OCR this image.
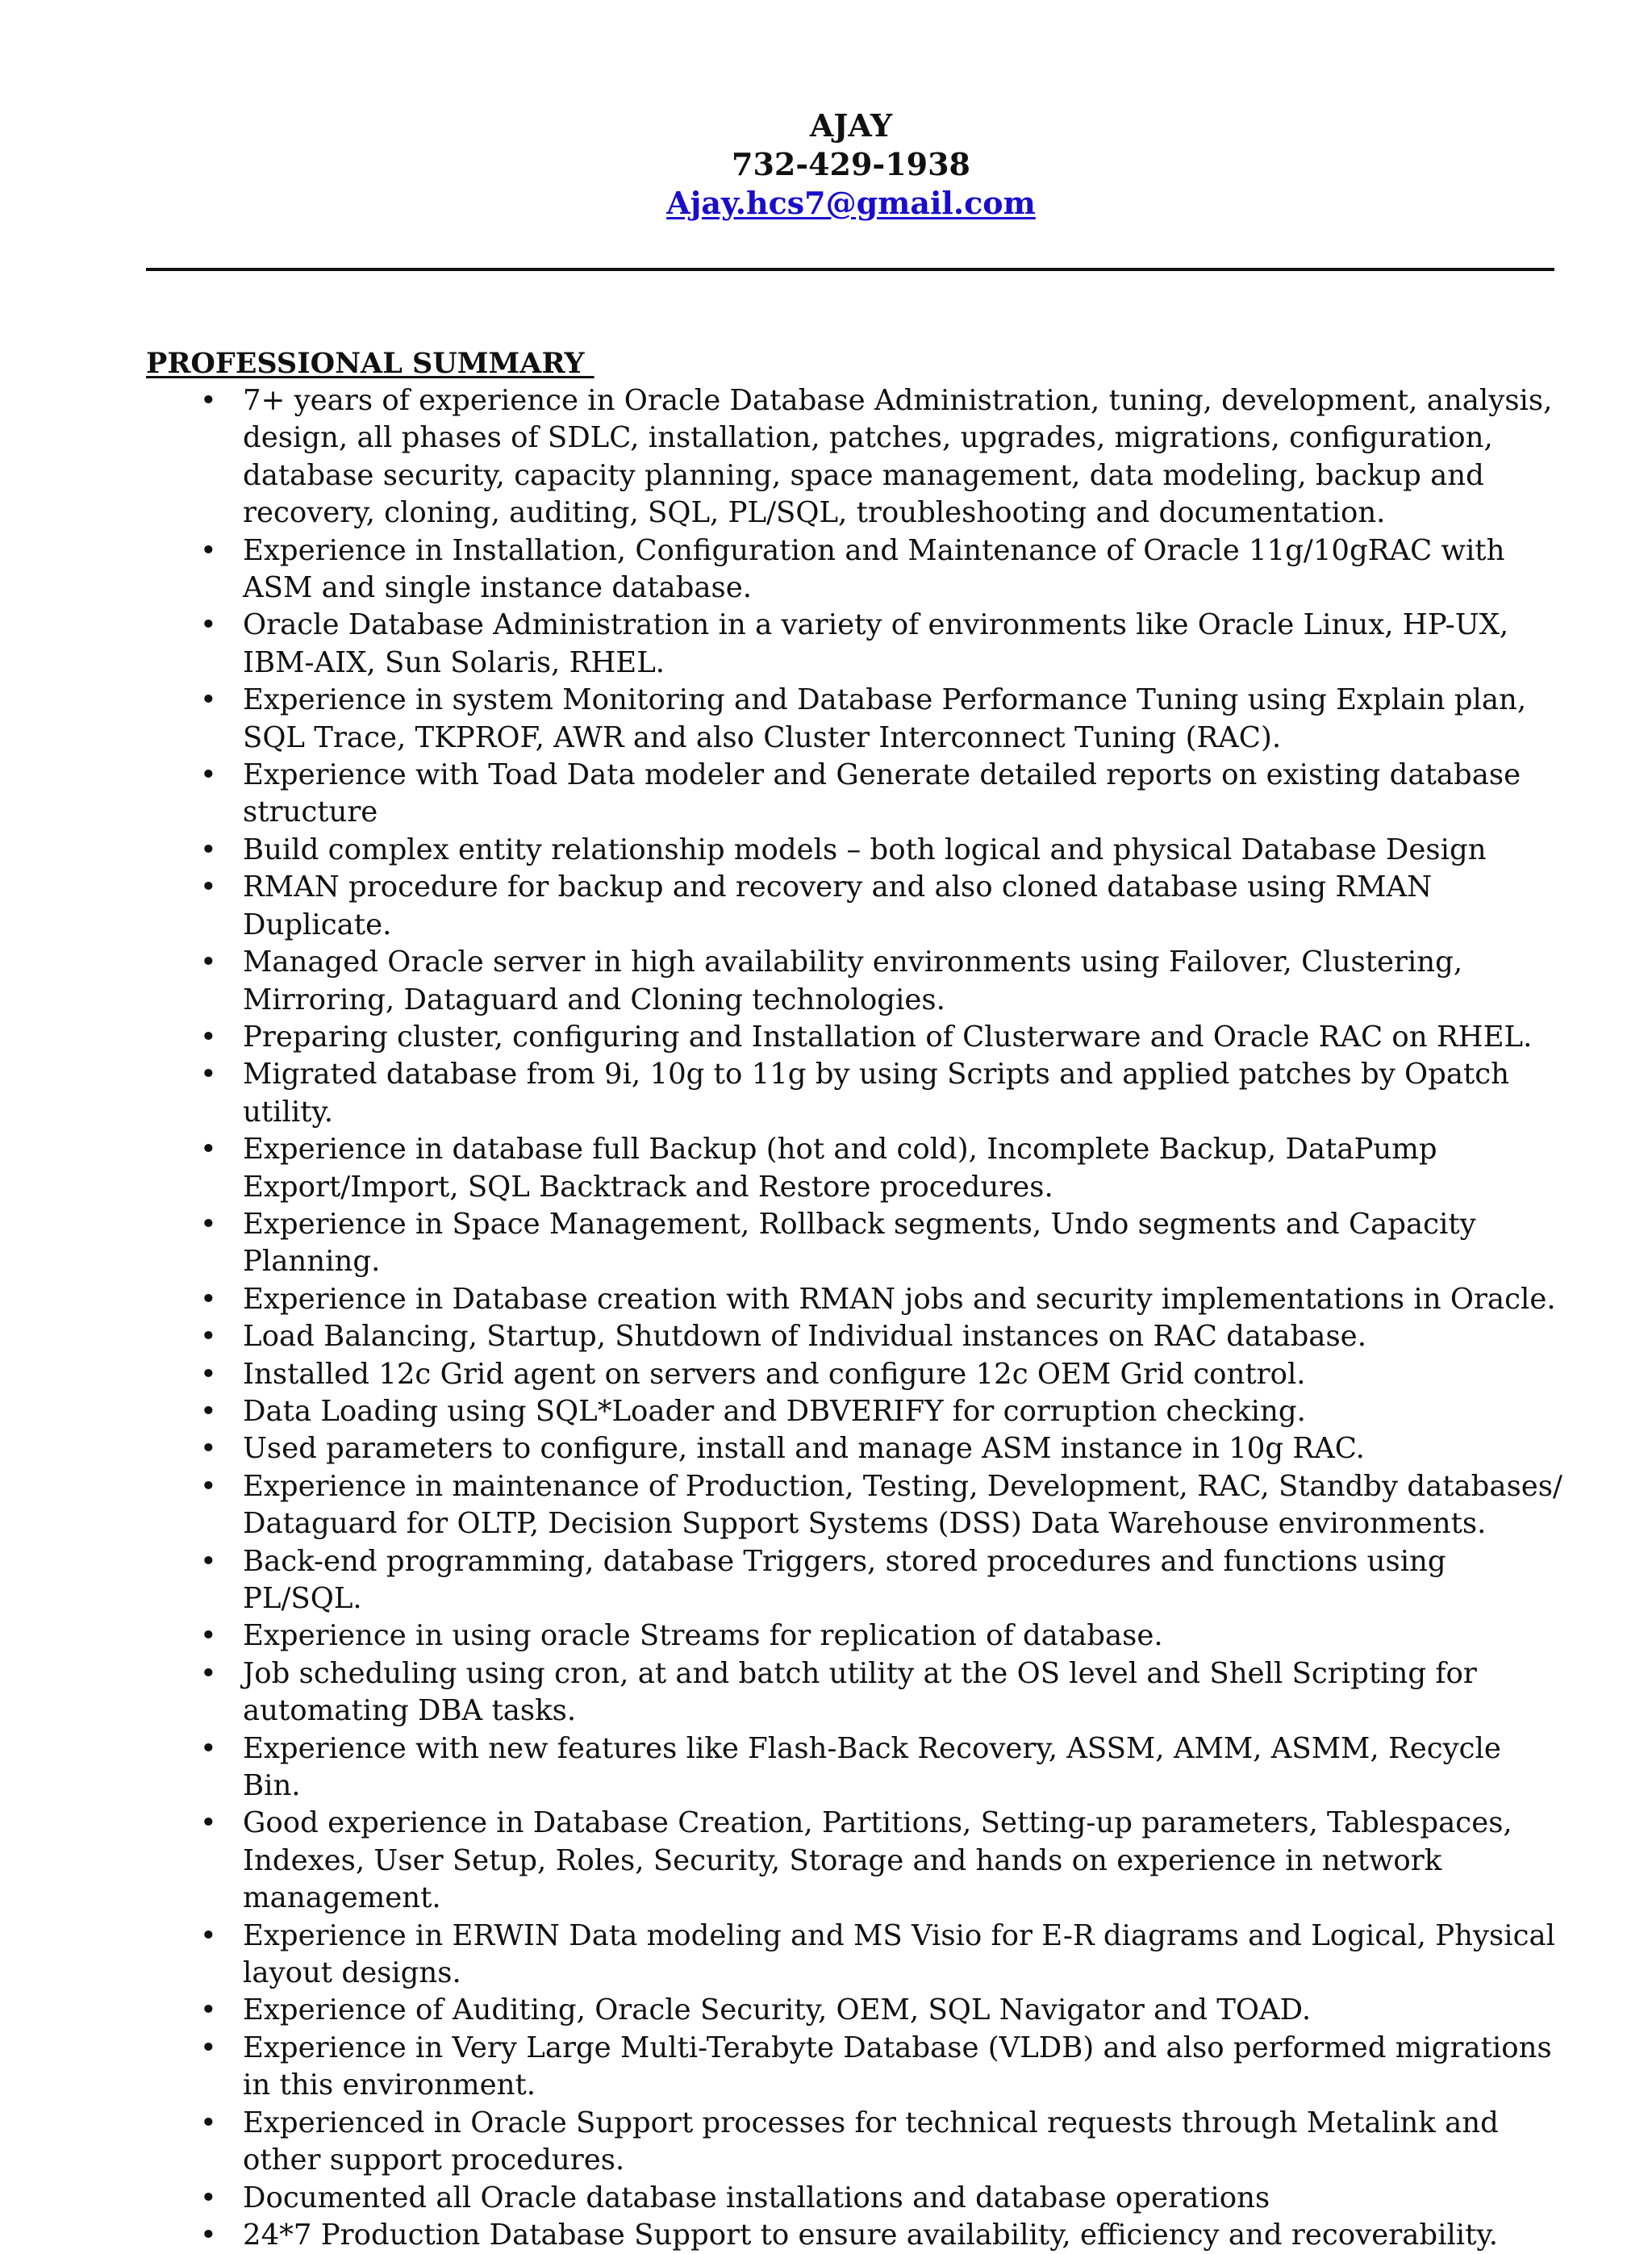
AJAY
732-429-1938
Ajay.hcs7@gmail.com
PROFESSIONAL SUMMARY
• 7+ years of experience in Oracle Database Administration, tuning, development, analysis, design, all phases of SDLC, installation, patches, upgrades, migrations, configuration, database security, capacity planning, space management, data modeling, backup and recovery, cloning, auditing, SQL, PL/SQL, troubleshooting and documentation.
• Experience in Installation, Configuration and Maintenance of Oracle 11g/10gRAC with ASM and single instance database.
• Oracle Database Administration in a variety of environments like Oracle Linux, HP-UX, IBM-AIX, Sun Solaris, RHEL.
• Experience in system Monitoring and Database Performance Tuning using Explain plan, SQL Trace, TKPROF, AWR and also Cluster Interconnect Tuning (RAC).
• Experience with Toad Data modeler and Generate detailed reports on existing database structure
• Build complex entity relationship models – both logical and physical Database Design
• RMAN procedure for backup and recovery and also cloned database using RMAN Duplicate.
• Managed Oracle server in high availability environments using Failover, Clustering, Mirroring, Dataguard and Cloning technologies.
• Preparing cluster, configuring and Installation of Clusterware and Oracle RAC on RHEL.
• Migrated database from 9i, 10g to 11g by using Scripts and applied patches by Opatch utility.
• Experience in database full Backup (hot and cold), Incomplete Backup, DataPump Export/Import, SQL Backtrack and Restore procedures.
• Experience in Space Management, Rollback segments, Undo segments and Capacity Planning.
• Experience in Database creation with RMAN jobs and security implementations in Oracle.
• Load Balancing, Startup, Shutdown of Individual instances on RAC database.
• Installed 12c Grid agent on servers and configure 12c OEM Grid control.
• Data Loading using SQL*Loader and DBVERIFY for corruption checking.
• Used parameters to configure, install and manage ASM instance in 10g RAC.
• Experience in maintenance of Production, Testing, Development, RAC, Standby databases/ Dataguard for OLTP, Decision Support Systems (DSS) Data Warehouse environments.
• Back-end programming, database Triggers, stored procedures and functions using PL/SQL.
• Experience in using oracle Streams for replication of database.
• Job scheduling using cron, at and batch utility at the OS level and Shell Scripting for automating DBA tasks.
• Experience with new features like Flash-Back Recovery, ASSM, AMM, ASMM, Recycle Bin.
• Good experience in Database Creation, Partitions, Setting-up parameters, Tablespaces, Indexes, User Setup, Roles, Security, Storage and hands on experience in network management.
• Experience in ERWIN Data modeling and MS Visio for E-R diagrams and Logical, Physical layout designs.
• Experience of Auditing, Oracle Security, OEM, SQL Navigator and TOAD.
• Experience in Very Large Multi-Terabyte Database (VLDB) and also performed migrations in this environment.
• Experienced in Oracle Support processes for technical requests through Metalink and other support procedures.
• Documented all Oracle database installations and database operations
• 24*7 Production Database Support to ensure availability, efficiency and recoverability.
